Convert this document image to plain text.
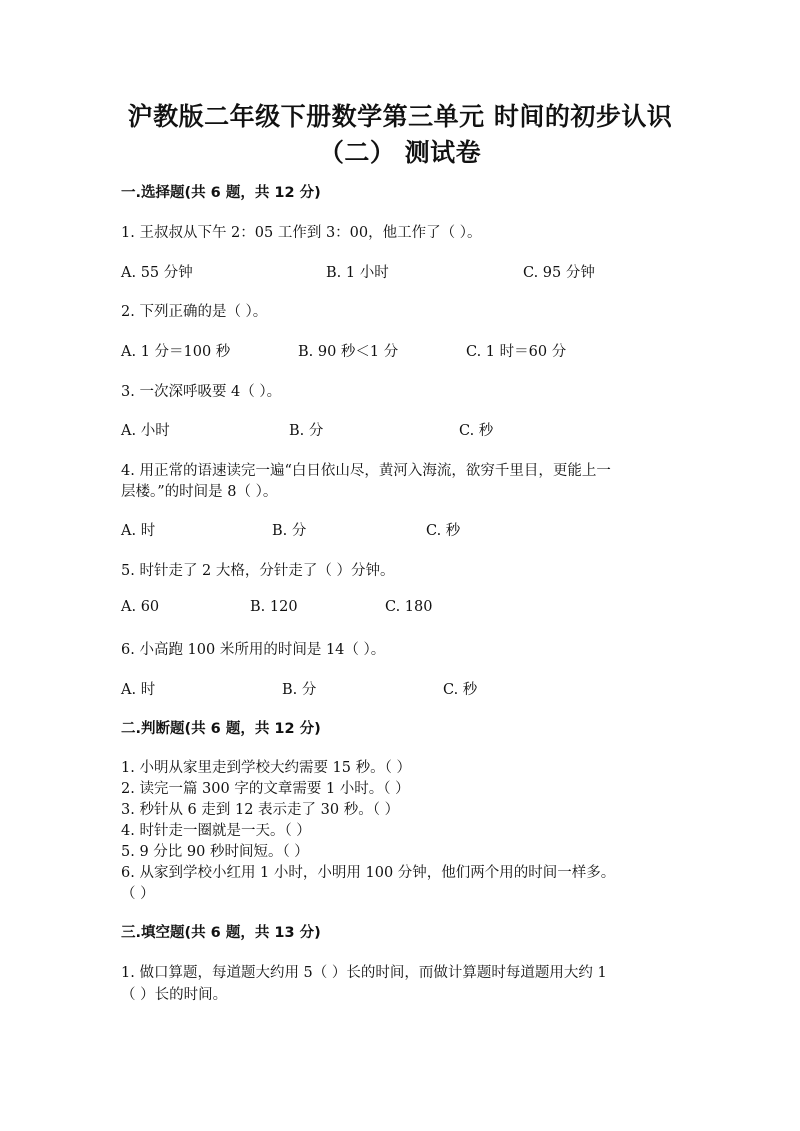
沪教版二年级下册数学第三单元 时间的初步认识
（二） 测试卷
一.选择题(共 6 题，共 12 分)
1. 王叔叔从下午 2：05 工作到 3：00，他工作了（ ）。
A. 55 分钟	B. 1 小时	C. 95 分钟
2. 下列正确的是（ ）。
A. 1 分＝100 秒	B. 90 秒＜1 分	C. 1 时＝60 分
3. 一次深呼吸要 4（ ）。
A. 小时	B. 分	C. 秒
4. 用正常的语速读完一遍“白日依山尽，黄河入海流，欲穷千里目，更能上一
层楼。”的时间是 8（ ）。
A. 时	B. 分	C. 秒
5. 时针走了 2 大格，分针走了（ ）分钟。
A. 60	B. 120	C. 180
6. 小高跑 100 米所用的时间是 14（ ）。
A. 时	B. 分	C. 秒
二.判断题(共 6 题，共 12 分)
1. 小明从家里走到学校大约需要 15 秒。（ ）
2. 读完一篇 300 字的文章需要 1 小时。（ ）
3. 秒针从 6 走到 12 表示走了 30 秒。（ ）
4. 时针走一圈就是一天。（ ）
5. 9 分比 90 秒时间短。（ ）
6. 从家到学校小红用 1 小时，小明用 100 分钟，他们两个用的时间一样多。
（ ）
三.填空题(共 6 题，共 13 分)
1. 做口算题，每道题大约用 5（ ）长的时间，而做计算题时每道题用大约 1
（ ）长的时间。
